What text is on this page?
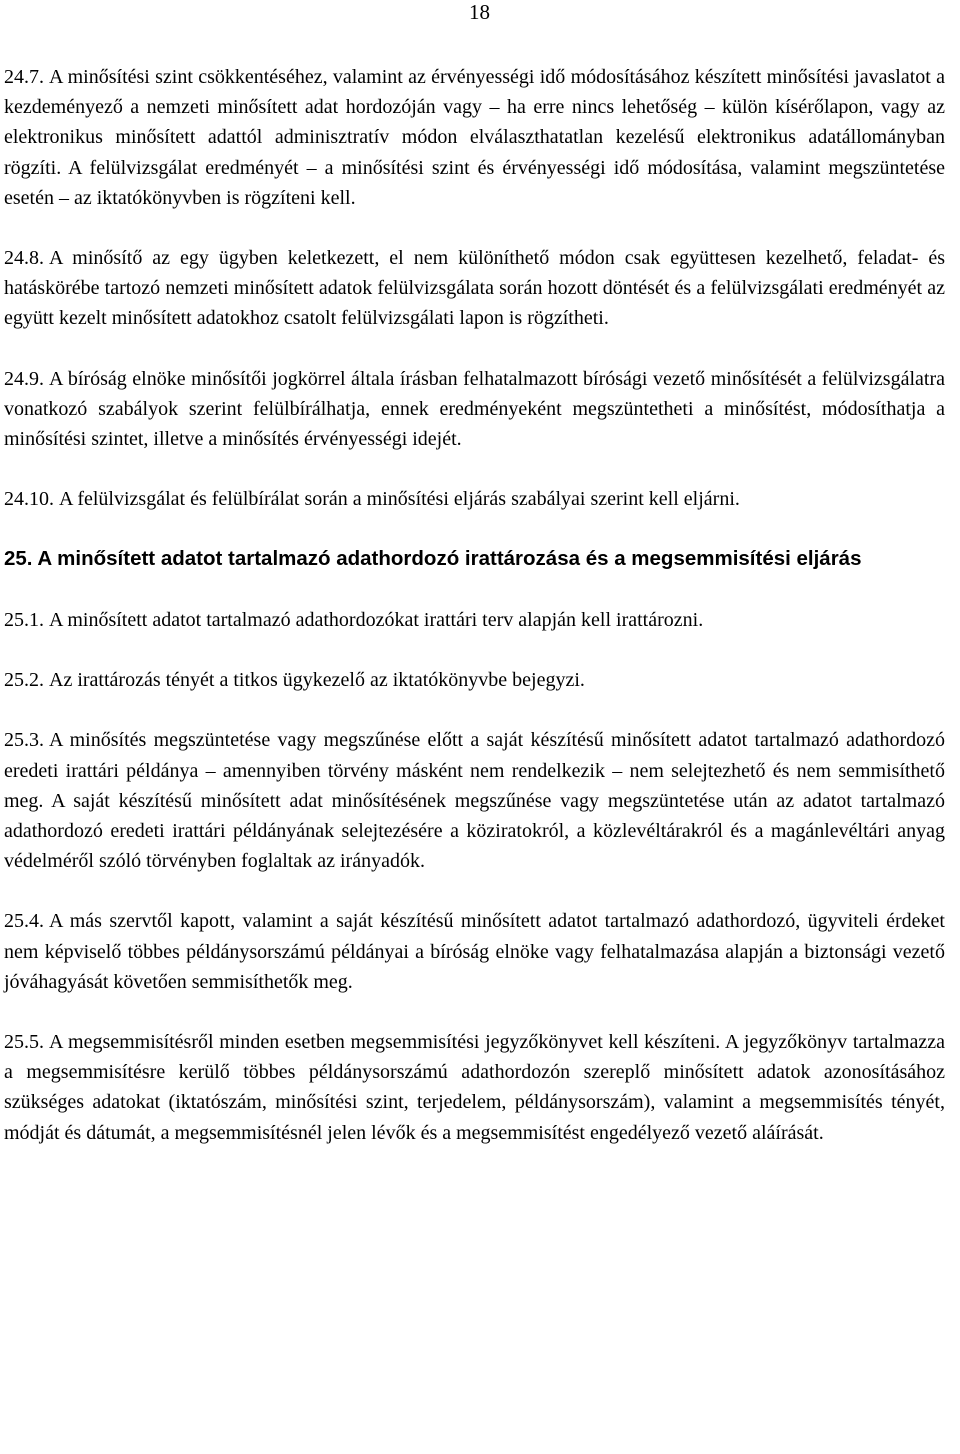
18

24.7. A minősítési szint csökkentéséhez, valamint az érvényességi idő módosításához készített minősítési javaslatot a kezdeményező a nemzeti minősített adat hordozóján vagy – ha erre nincs lehetőség – külön kísérőlapon, vagy az elektronikus minősített adattól adminisztratív módon elválaszthatatlan kezelésű elektronikus adatállományban rögzíti. A felülvizsgálat eredményét – a minősítési szint és érvényességi idő módosítása, valamint megszüntetése esetén – az iktatókönyvben is rögzíteni kell.

24.8. A minősítő az egy ügyben keletkezett, el nem különíthető módon csak együttesen kezelhető, feladat- és hatáskörébe tartozó nemzeti minősített adatok felülvizsgálata során hozott döntését és a felülvizsgálati eredményét az együtt kezelt minősített adatokhoz csatolt felülvizsgálati lapon is rögzítheti.

24.9. A bíróság elnöke minősítői jogkörrel általa írásban felhatalmazott bírósági vezető minősítését a felülvizsgálatra vonatkozó szabályok szerint felülbírálhatja, ennek eredményeként megszüntetheti a minősítést, módosíthatja a minősítési szintet, illetve a minősítés érvényességi idejét.

24.10. A felülvizsgálat és felülbírálat során a minősítési eljárás szabályai szerint kell eljárni.

25. A minősített adatot tartalmazó adathordozó irattározása és a megsemmisítési eljárás

25.1. A minősített adatot tartalmazó adathordozókat irattári terv alapján kell irattározni.

25.2. Az irattározás tényét a titkos ügykezelő az iktatókönyvbe bejegyzi.

25.3. A minősítés megszüntetése vagy megszűnése előtt a saját készítésű minősített adatot tartalmazó adathordozó eredeti irattári példánya – amennyiben törvény másként nem rendelkezik – nem selejtezhető és nem semmisíthető meg. A saját készítésű minősített adat minősítésének megszűnése vagy megszüntetése után az adatot tartalmazó adathordozó eredeti irattári példányának selejtezésére a köziratokról, a közlevéltárakról és a magánlevéltári anyag védelméről szóló törvényben foglaltak az irányadók.

25.4. A más szervtől kapott, valamint a saját készítésű minősített adatot tartalmazó adathordozó, ügyviteli érdeket nem képviselő többes példánysorszámú példányai a bíróság elnöke vagy felhatalmazása alapján a biztonsági vezető jóváhagyását követően semmisíthetők meg.

25.5. A megsemmisítésről minden esetben megsemmisítési jegyzőkönyvet kell készíteni. A jegyzőkönyv tartalmazza a megsemmisítésre kerülő többes példánysorszámú adathordozón szereplő minősített adatok azonosításához szükséges adatokat (iktatószám, minősítési szint, terjedelem, példánysorszám), valamint a megsemmisítés tényét, módját és dátumát, a megsemmisítésnél jelen lévők és a megsemmisítést engedélyező vezető aláírását.
